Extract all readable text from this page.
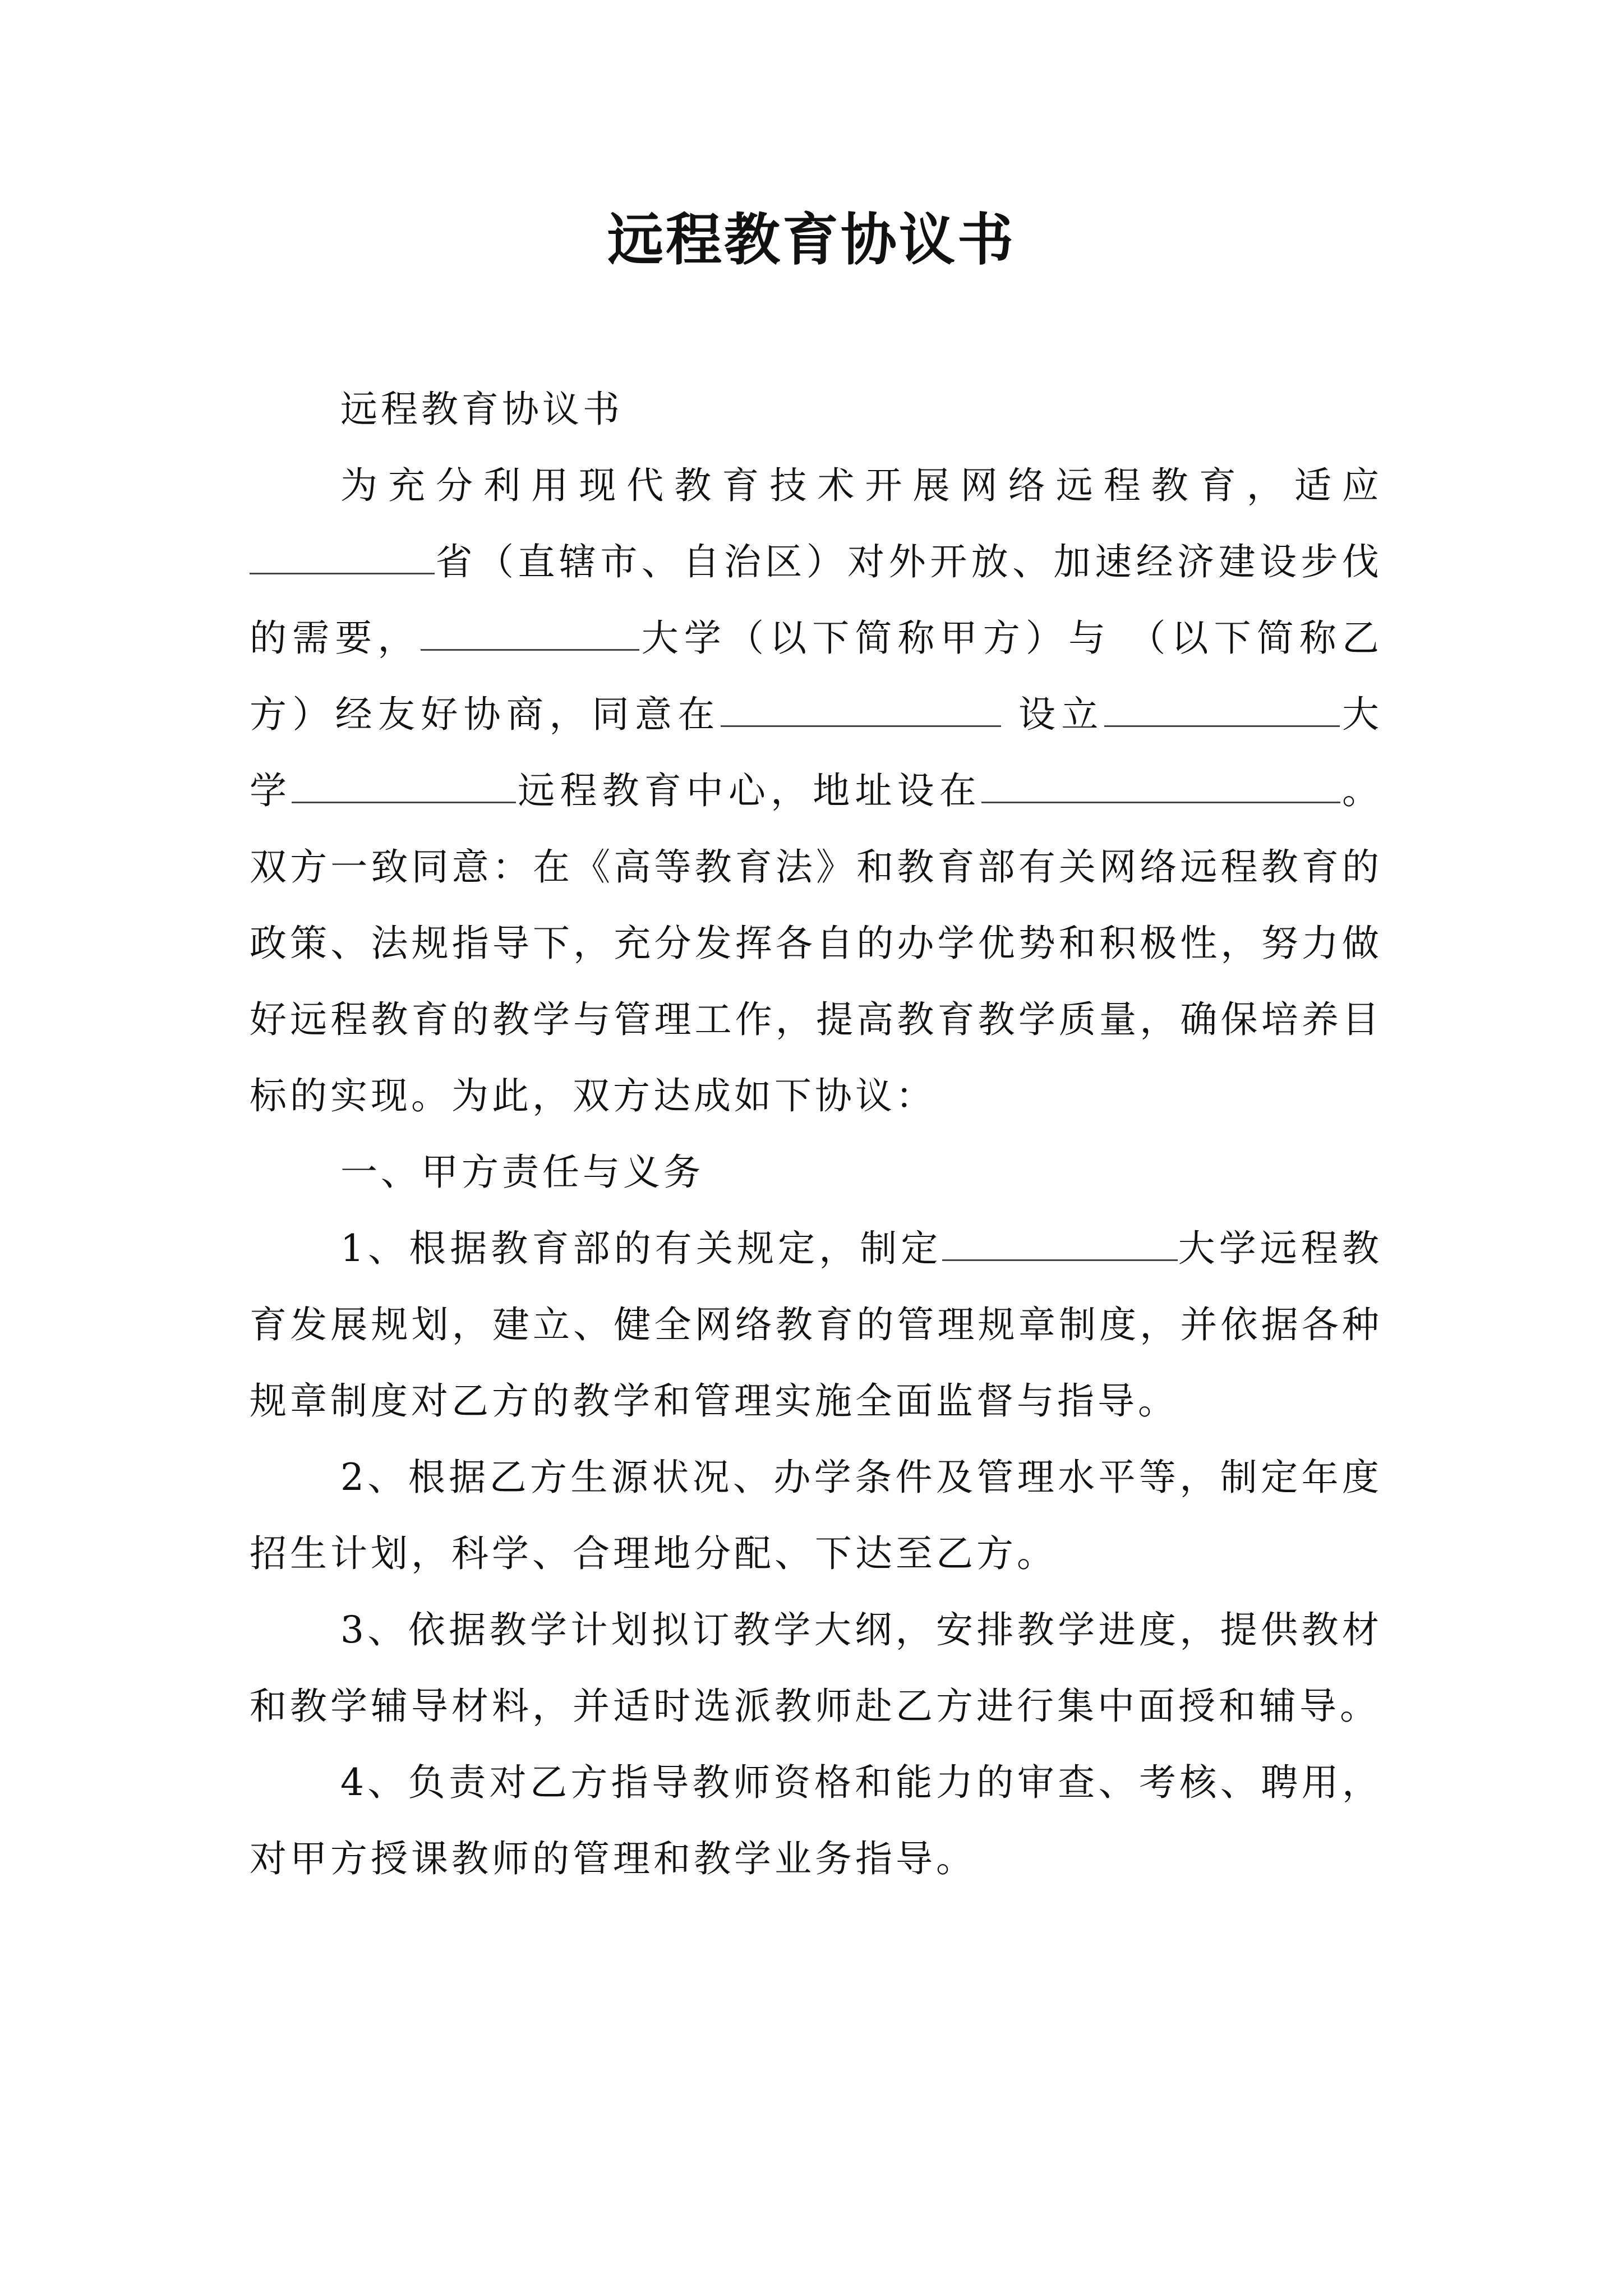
远程教育协议书

远程教育协议书

为充分利用现代教育技术开展网络远程教育，适应省（直辖市、自治区）对外开放、加速经济建设步伐的需要，	大学（以下简称甲方）与 （以下简称乙方）经友好协商，同意在	设立	大学	远程教育中心，地址设在	。双方一致同意：在《高等教育法》和教育部有关网络远程教育的政策、法规指导下，充分发挥各自的办学优势和积极性，努力做好远程教育的教学与管理工作，提高教育教学质量，确保培养目标的实现。为此，双方达成如下协议：

一、甲方责任与义务

1、根据教育部的有关规定，制定	大学远程教育发展规划，建立、健全网络教育的管理规章制度，并依据各种规章制度对乙方的教学和管理实施全面监督与指导。

2、根据乙方生源状况、办学条件及管理水平等，制定年度招生计划，科学、合理地分配、下达至乙方。

3、依据教学计划拟订教学大纲，安排教学进度，提供教材和教学辅导材料，并适时选派教师赴乙方进行集中面授和辅导。

4、负责对乙方指导教师资格和能力的审查、考核、聘用，对甲方授课教师的管理和教学业务指导。
